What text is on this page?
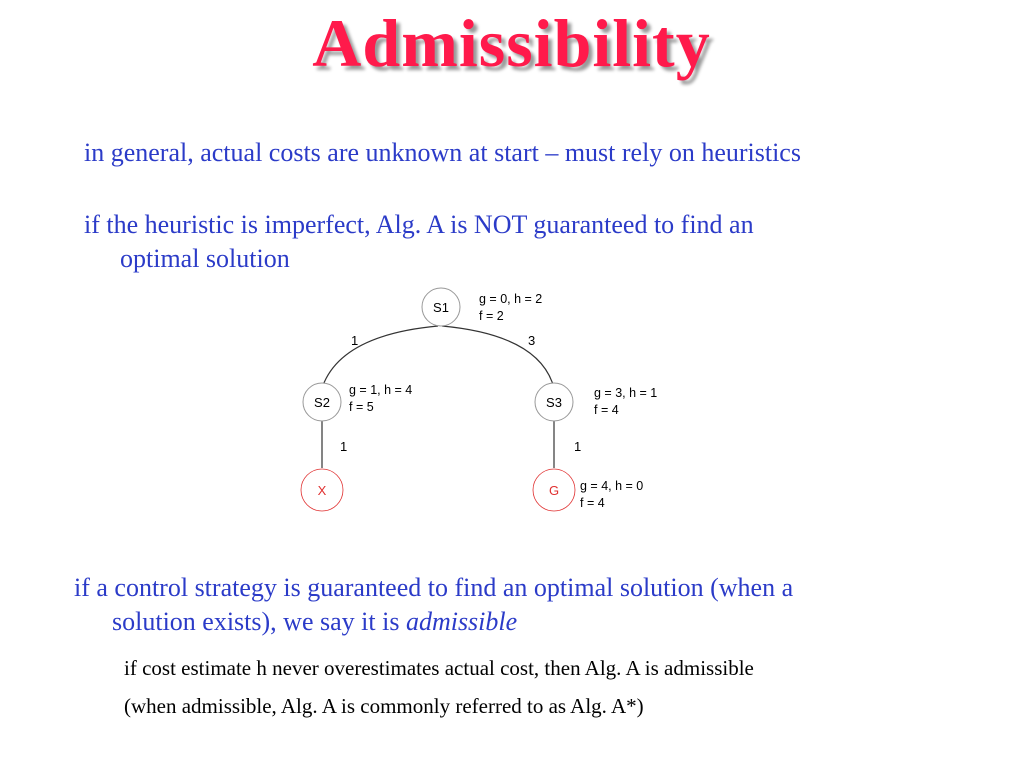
Admissibility
in general, actual costs are unknown at start – must rely on heuristics
if the heuristic is imperfect, Alg. A is NOT guaranteed to find an
optimal solution
1	3
1	1
S1
g = 0, h = 2
f = 2
S2
g = 1, h = 4
f = 5	S3
g = 3, h = 1
f = 4
X	G g = 4, h = 0
f = 4
if a control strategy is guaranteed to find an optimal solution (when a
solution exists), we say it is admissible
if cost estimate h never overestimates actual cost, then Alg. A is admissible
(when admissible, Alg. A is commonly referred to as Alg. A*)
